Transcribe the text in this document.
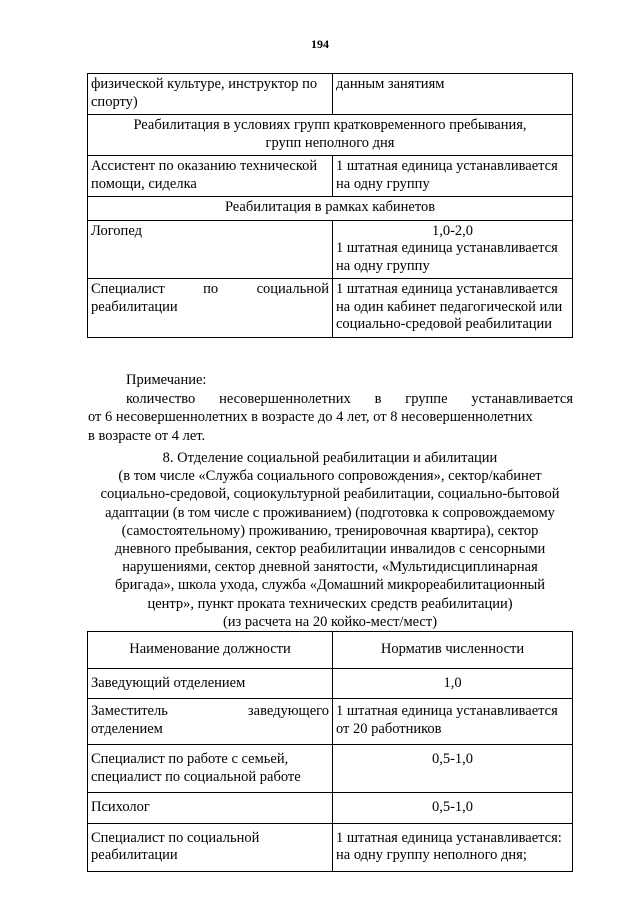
194
физической культуре, инструктор по
спорту)	данным занятиям

Реабилитация в условиях групп кратковременного пребывания,
групп неполного дня	

Ассистент по оказанию технической
помощи, сиделка	1 штатная единица устанавливается
на одну группу

Реабилитация в рамках кабинетов	

Логопед	1,0-2,0
1 штатная единица устанавливается
на одну группу

Специалист по социальной
реабилитации	1 штатная единица устанавливается
на один кабинет педагогической или
социально-средовой реабилитации
Примечание:
количество несовершеннолетних в группе устанавливается
от 6 несовершеннолетних в возрасте до 4 лет, от 8 несовершеннолетних
в возрасте от 4 лет.
8. Отделение социальной реабилитации и абилитации
(в том числе «Служба социального сопровождения», сектор/кабинет
социально-средовой, социокультурной реабилитации, социально-бытовой
адаптации (в том числе с проживанием) (подготовка к сопровождаемому
(самостоятельному) проживанию, тренировочная квартира), сектор
дневного пребывания, сектор реабилитации инвалидов с сенсорными
нарушениями, сектор дневной занятости, «Мультидисциплинарная
бригада», школа ухода, служба «Домашний микрореабилитационный
центр», пункт проката технических средств реабилитации)
(из расчета на 20 койко-мест/мест)
Наименование должности	Норматив численности

Заведующий отделением	1,0

Заместитель заведующего
отделением	1 штатная единица устанавливается
от 20 работников

Специалист по работе с семьей,
специалист по социальной работе	0,5-1,0

Психолог	0,5-1,0

Специалист по социальной
реабилитации	1 штатная единица устанавливается:
на одну группу неполного дня;
